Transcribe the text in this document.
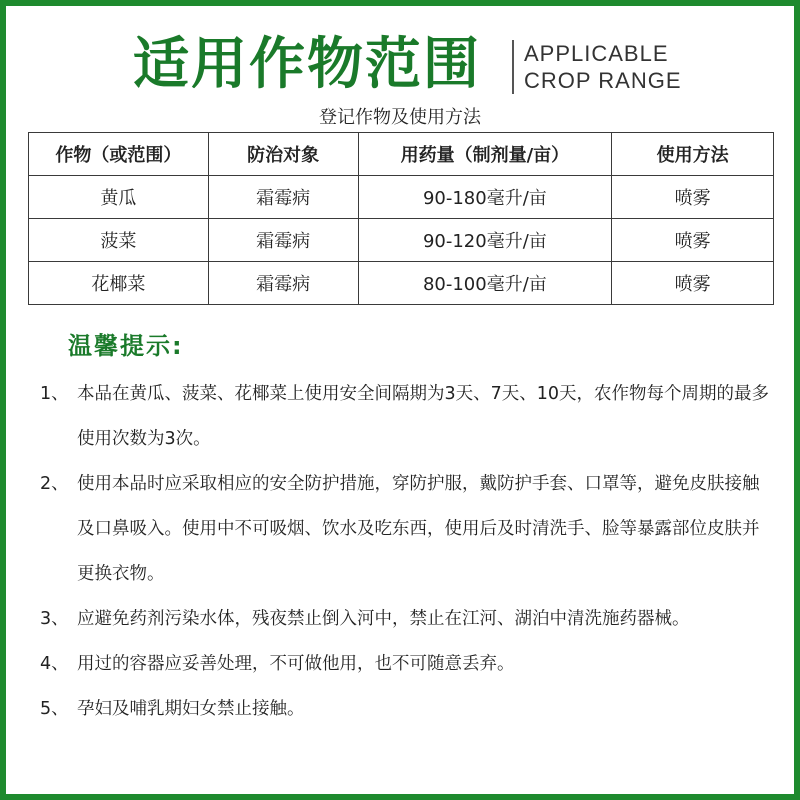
适用作物范围 APPLICABLE
CROP RANGE
登记作物及使用方法
作物（或范围）	防治对象	用药量（制剂量/亩）	使用方法
黄瓜	霜霉病	90-180毫升/亩	喷雾
菠菜	霜霉病	90-120毫升/亩	喷雾
花椰菜	霜霉病	80-100毫升/亩	喷雾
温馨提示:
1、 本品在黄瓜、菠菜、花椰菜上使用安全间隔期为3天、7天、10天，农作物每个周期的最多使用次数为3次。
2、 使用本品时应采取相应的安全防护措施，穿防护服，戴防护手套、口罩等，避免皮肤接触及口鼻吸入。使用中不可吸烟、饮水及吃东西，使用后及时清洗手、脸等暴露部位皮肤并更换衣物。
3、 应避免药剂污染水体，残夜禁止倒入河中，禁止在江河、湖泊中清洗施药器械。
4、 用过的容器应妥善处理，不可做他用，也不可随意丢弃。
5、 孕妇及哺乳期妇女禁止接触。
